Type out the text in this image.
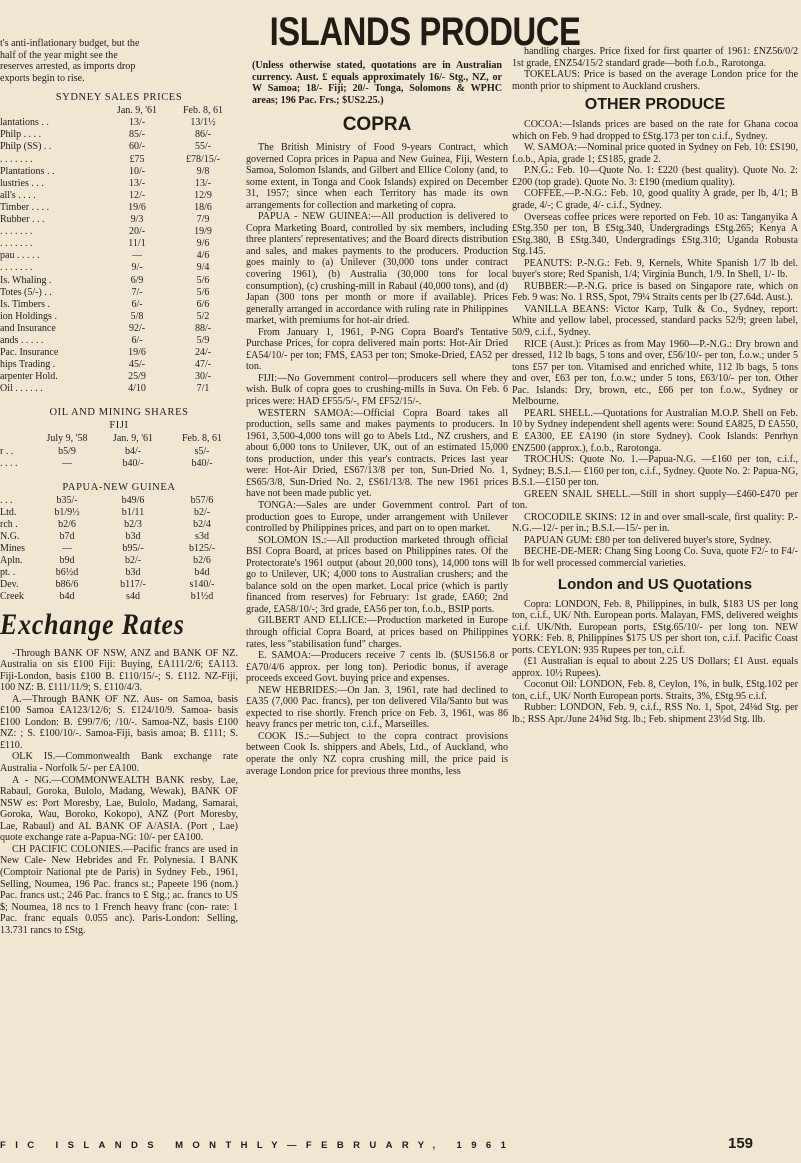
t's anti-inflationary budget, but the

half of the year might see the

reserves arrested, as imports drop

exports begin to rise.

SYDNEY SALES PRICES

	Jan. 9, '61	Feb. 8, 61
lantations . .	13/-	13/1½
Philp . . . .	85/-	86/-
Philp (SS) . .	60/-	55/-
. . . . . . .	£75	£78/15/-
Plantations . .	10/-	9/8
lustries . . .	13/-	13/-
all's . . . .	12/-	12/9
Timber . . . .	19/6	18/6
Rubber . . .	9/3	7/9
. . . . . . .	20/-	19/9
. . . . . . .	11/1	9/6
pau . . . . .	—	4/6
. . . . . . .	9/-	9/4
Is. Whaling .	6/9	5/6
Totes (5/-) . .	7/-	5/6
Is. Timbers .	6/-	6/6
ion Holdings .	5/8	5/2
and Insurance	92/-	88/-
ands . . . . .	6/-	5/9
Pac. Insurance	19/6	24/-
hips Trading .	45/-	47/-
arpenter Hold.	25/9	30/-
Oil . . . . . .	4/10	7/1

OIL AND MINING SHARES

FIJI

	July 9, '58	Jan. 9, '61	Feb. 8, 61
r . .	b5/9	b4/-	s5/-
. . . .	—	b40/-	b40/-

PAPUA-NEW GUINEA

. . .	b35/-	b49/6	b57/6
Ltd.	b1/9½	b1/11	b2/-
rch .	b2/6	b2/3	b2/4
N.G.	b7d	b3d	s3d
Mines	—	b95/-	b125/-
Apln.	b9d	b2/-	b2/6
pt. .	b6½d	b3d	b4d
Dev.	b86/6	b117/-	s140/-
Creek	b4d	s4d	b1½d
Exchange Rates

-Through BANK OF NSW, ANZ and BANK OF NZ. Australia on sis £100 Fiji: Buying, £A111/2/6; £A113. Fiji-London, basis £100 B. £110/15/-; S. £112. NZ-Fiji, 100 NZ: B. £111/11/9; S. £110/4/3.

A.—Through BANK OF NZ. Aus- on Samoa, basis £100 Samoa £A123/12/6; S. £124/10/9. Samoa- basis £100 London: B. £99/7/6; /10/-. Samoa-NZ, basis £100 NZ: ; S. £100/10/-. Samoa-Fiji, basis amoa; B. £111; S. £110.

OLK IS.—Commonwealth Bank exchange rate Australia - Norfolk 5/- per £A100.

A - NG.—COMMONWEALTH BANK resby, Lae, Rabaul, Goroka, Bulolo, Madang, Wewak), BANK OF NSW es: Port Moresby, Lae, Bulolo, Madang, Samarai, Goroka, Wau, Boroko, Kokopo), ANZ (Port Moresby, Lae, Rabaul) and AL BANK OF A/ASIA. (Port , Lae) quote exchange rate a-Papua-NG: 10/- per £A100.

CH PACIFIC COLONIES.—Pacific francs are used in New Cale- New Hebrides and Fr. Polynesia. I BANK (Comptoir National pte de Paris) in Sydney Feb., 1961, Selling, Noumea, 196 Pac. francs st.; Papeete 196 (nom.) Pac. francs ust.; 246 Pac. francs to £ Stg.; ac. francs to US $; Noumea, 18 ncs to 1 French heavy franc (con- rate: 1 Pac. franc equals 0.055 anc). Paris-London: Selling, 13.731 rancs to £Stg.

ISLANDS PRODUCE

(Unless otherwise stated, quotations are in Australian currency. Aust. £ equals approximately 16/- Stg., NZ, or W Samoa; 18/- Fiji; 20/- Tonga, Solomons & WPHC areas; 196 Pac. Frs.; $US2.25.)

COPRA

The British Ministry of Food 9-years Contract, which governed Copra prices in Papua and New Guinea, Fiji, Western Samoa, Solomon Islands, and Gilbert and Ellice Colony (and, to some extent, in Tonga and Cook Islands) expired on December 31, 1957; since when each Territory has made its own arrangements for collection and marketing of copra.

PAPUA - NEW GUINEA:—All production is delivered to Copra Marketing Board, controlled by six members, including three planters' representatives; and the Board directs distribution and sales, and makes payments to the producers. Production goes mainly to (a) Unilever (30,000 tons under contract covering 1961), (b) Australia (30,000 tons for local consumption), (c) crushing-mill in Rabaul (40,000 tons), and (d) Japan (300 tons per month or more if available). Prices generally arranged in accordance with ruling rate in Philippines market, with premiums for hot-air dried.

From January 1, 1961, P-NG Copra Board's Tentative Purchase Prices, for copra delivered main ports: Hot-Air Dried £A54/10/- per ton; FMS, £A53 per ton; Smoke-Dried, £A52 per ton.

FIJI:—No Government control—producers sell where they wish. Bulk of copra goes to crushing-mills in Suva. On Feb. 6 prices were: HAD £F55/5/-, FM £F52/15/-.

WESTERN SAMOA:—Official Copra Board takes all production, sells same and makes payments to producers. In 1961, 3,500-4,000 tons will go to Abels Ltd., NZ crushers, and about 6,000 tons to Unilever, UK, out of an estimated 15,000 tons production, under this year's contracts. Prices last year were: Hot-Air Dried, £S67/13/8 per ton, Sun-Dried No. 1, £S65/3/8, Sun-Dried No. 2, £S61/13/8. The new 1961 prices have not been made public yet.

TONGA:—Sales are under Government control. Part of production goes to Europe, under arrangement with Unilever controlled by Philippines prices, and part on to open market.

SOLOMON IS.:—All production marketed through official BSI Copra Board, at prices based on Philippines rates. Of the Protectorate's 1961 output (about 20,000 tons), 14,000 tons will go to Unilever, UK; 4,000 tons to Australian crushers; and the balance sold on the open market. Local price (which is partly financed from reserves) for February: 1st grade, £A60; 2nd grade, £A58/10/-; 3rd grade, £A56 per ton, f.o.b., BSIP ports.

GILBERT AND ELLICE:—Production marketed in Europe through official Copra Board, at prices based on Philippines rates, less "stabilisation fund" charges.

E. SAMOA:—Producers receive 7 cents lb. ($US156.8 or £A70/4/6 approx. per long ton). Periodic bonus, if average proceeds exceed Govt. buying price and expenses.

NEW HEBRIDES:—On Jan. 3, 1961, rate had declined to £A35 (7,000 Pac. francs), per ton delivered Vila/Santo but was expected to rise shortly. French price on Feb. 3, 1961, was 86 heavy francs per metric ton, c.i.f., Marseilles.

COOK IS.:—Subject to the copra contract provisions between Cook Is. shippers and Abels, Ltd., of Auckland, who operate the only NZ copra crushing mill, the price paid is average London price for previous three months, less

handling charges. Price fixed for first quarter of 1961: £NZ56/0/2 1st grade, £NZ54/15/2 standard grade—both f.o.b., Rarotonga.

TOKELAUS: Price is based on the average London price for the month prior to shipment to Auckland crushers.

OTHER PRODUCE

COCOA:—Islands prices are based on the rate for Ghana cocoa which on Feb. 9 had dropped to £Stg.173 per ton c.i.f., Sydney.

W. SAMOA:—Nominal price quoted in Sydney on Feb. 10: £S190, f.o.b., Apia, grade 1; £S185, grade 2.

P.N.G.: Feb. 10—Quote No. 1: £220 (best quality). Quote No. 2: £200 (top grade). Quote No. 3: £190 (medium quality).

COFFEE.—P.-N.G.: Feb. 10, good quality A grade, per lb, 4/1; B grade, 4/-; C grade, 4/- c.i.f., Sydney.

Overseas coffee prices were reported on Feb. 10 as: Tanganyika A £Stg.350 per ton, B £Stg.340, Undergradings £Stg.265; Kenya A £Stg.380, B £Stg.340, Undergradings £Stg.310; Uganda Robusta Stg.145.

PEANUTS: P.-N.G.: Feb. 9, Kernels, White Spanish 1/7 lb del. buyer's store; Red Spanish, 1/4; Virginia Bunch, 1/9. In Shell, 1/- lb.

RUBBER:—P.-N.G. price is based on Singapore rate, which on Feb. 9 was: No. 1 RSS, Spot, 79¼ Straits cents per lb (27.64d. Aust.).

VANILLA BEANS: Victor Karp, Tulk & Co., Sydney, report: White and yellow label, processed, standard packs 52/9; green label, 50/9, c.i.f., Sydney.

RICE (Aust.): Prices as from May 1960—P.-N.G.: Dry brown and dressed, 112 lb bags, 5 tons and over, £56/10/- per ton, f.o.w.; under 5 tons £57 per ton. Vitamised and enriched white, 112 lb bags, 5 tons and over, £63 per ton, f.o.w.; under 5 tons, £63/10/- per ton. Other Pac. Islands: Dry, brown, etc., £66 per ton f.o.w., Sydney or Melbourne.

PEARL SHELL.—Quotations for Australian M.O.P. Shell on Feb. 10 by Sydney independent shell agents were: Sound £A825, D £A550, E £A300, EE £A190 (in store Sydney). Cook Islands: Penrhyn £NZ500 (approx.), f.o.b., Rarotonga.

TROCHUS: Quote No. 1.—Papua-N.G. —£160 per ton, c.i.f., Sydney; B.S.I.— £160 per ton, c.i.f., Sydney. Quote No. 2: Papua-NG, B.S.I.—£150 per ton.

GREEN SNAIL SHELL.—Still in short supply—£460-£470 per ton.

CROCODILE SKINS: 12 in and over small-scale, first quality: P.-N.G.—12/- per in.; B.S.I.—15/- per in.

PAPUAN GUM: £80 per ton delivered buyer's store, Sydney.

BECHE-DE-MER: Chang Sing Loong Co. Suva, quote F2/- to F4/- lb for well processed commercial varieties.

London and US Quotations

Copra: LONDON, Feb. 8, Philippines, in bulk, $183 US per long ton, c.i.f., UK/ Nth. European ports. Malayan, FMS, delivered weights c.i.f. UK/Nth. European ports, £Stg.65/10/- per long ton. NEW YORK: Feb. 8, Philippines $175 US per short ton, c.i.f. Pacific Coast ports. CEYLON: 935 Rupees per ton, c.i.f.

(£1 Australian is equal to about 2.25 US Dollars; £1 Aust. equals approx. 10½ Rupees).

Coconut Oil: LONDON, Feb. 8, Ceylon, 1%, in bulk, £Stg.102 per ton, c.i.f., UK/ North European ports. Straits, 3%, £Stg.95 c.i.f.

Rubber: LONDON, Feb. 9, c.i.f., RSS No. 1, Spot, 24⅛d Stg. per lb.; RSS Apr./June 24⅝d Stg. lb.; Feb. shipment 23½d Stg. llb.

FIC ISLANDS MONTHLY—FEBRUARY, 1961	159
